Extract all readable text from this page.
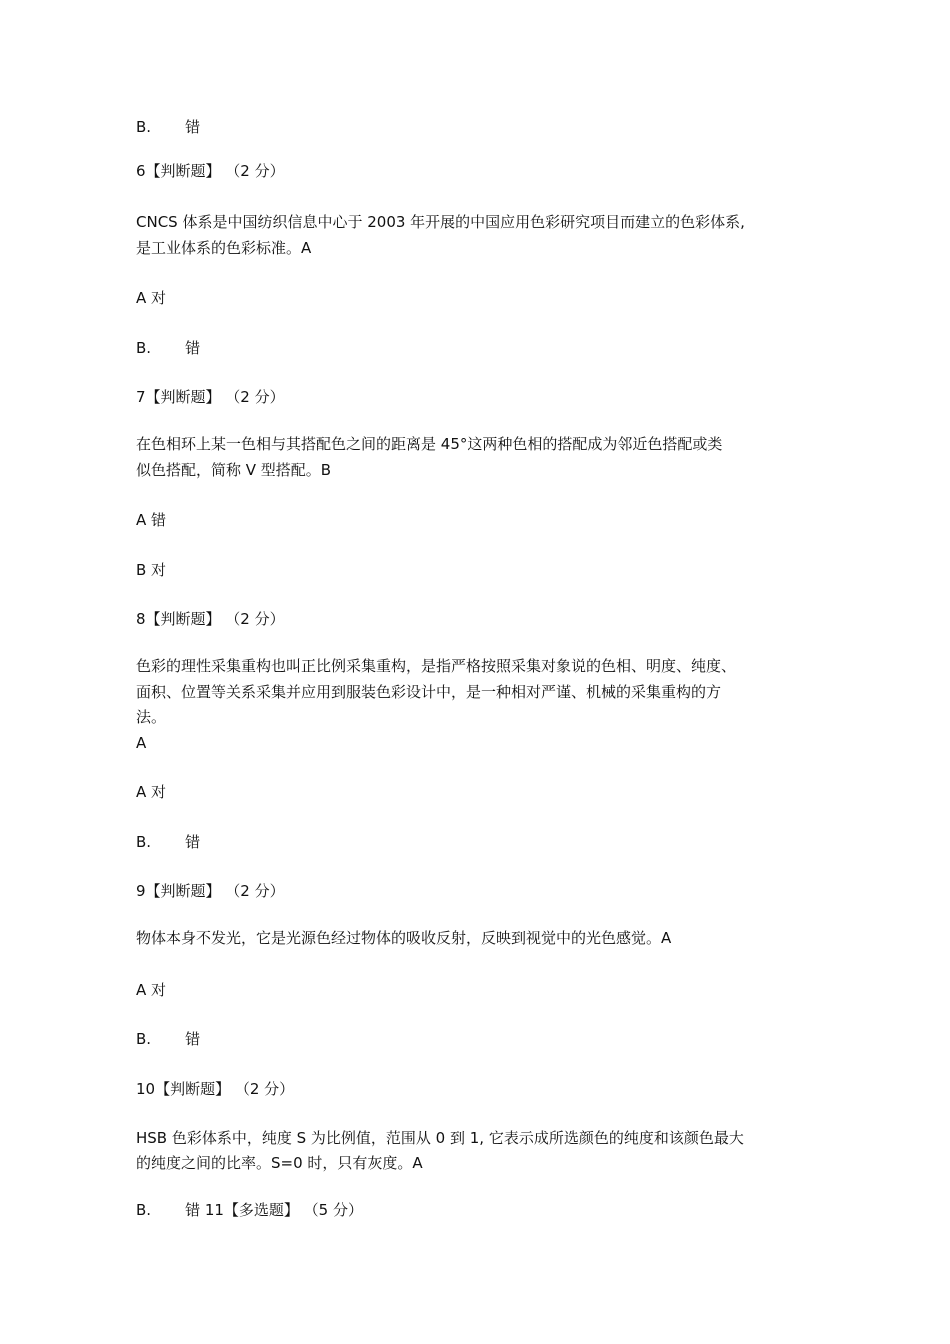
B. 错
6【判断题】 （2 分）
CNCS 体系是中国纺织信息中心于 2003 年开展的中国应用色彩研究项目而建立的色彩体系,
是工业体系的色彩标准。A
A 对
B. 错
7【判断题】 （2 分）
在色相环上某一色相与其搭配色之间的距离是 45°这两种色相的搭配成为邻近色搭配或类
似色搭配，简称 V 型搭配。B
A 错
B 对
8【判断题】 （2 分）
色彩的理性采集重构也叫正比例采集重构，是指严格按照采集对象说的色相、明度、纯度、
面积、位置等关系采集并应用到服装色彩设计中，是一种相对严谨、机械的采集重构的方
法。
A
A 对
B. 错
9【判断题】 （2 分）
物体本身不发光，它是光源色经过物体的吸收反射，反映到视觉中的光色感觉。A
A 对
B. 错
10【判断题】 （2 分）
HSB 色彩体系中，纯度 S 为比例值，范围从 0 到 1, 它表示成所选颜色的纯度和该颜色最大
的纯度之间的比率。S=0 时，只有灰度。A
B. 错 11【多选题】 （5 分）
